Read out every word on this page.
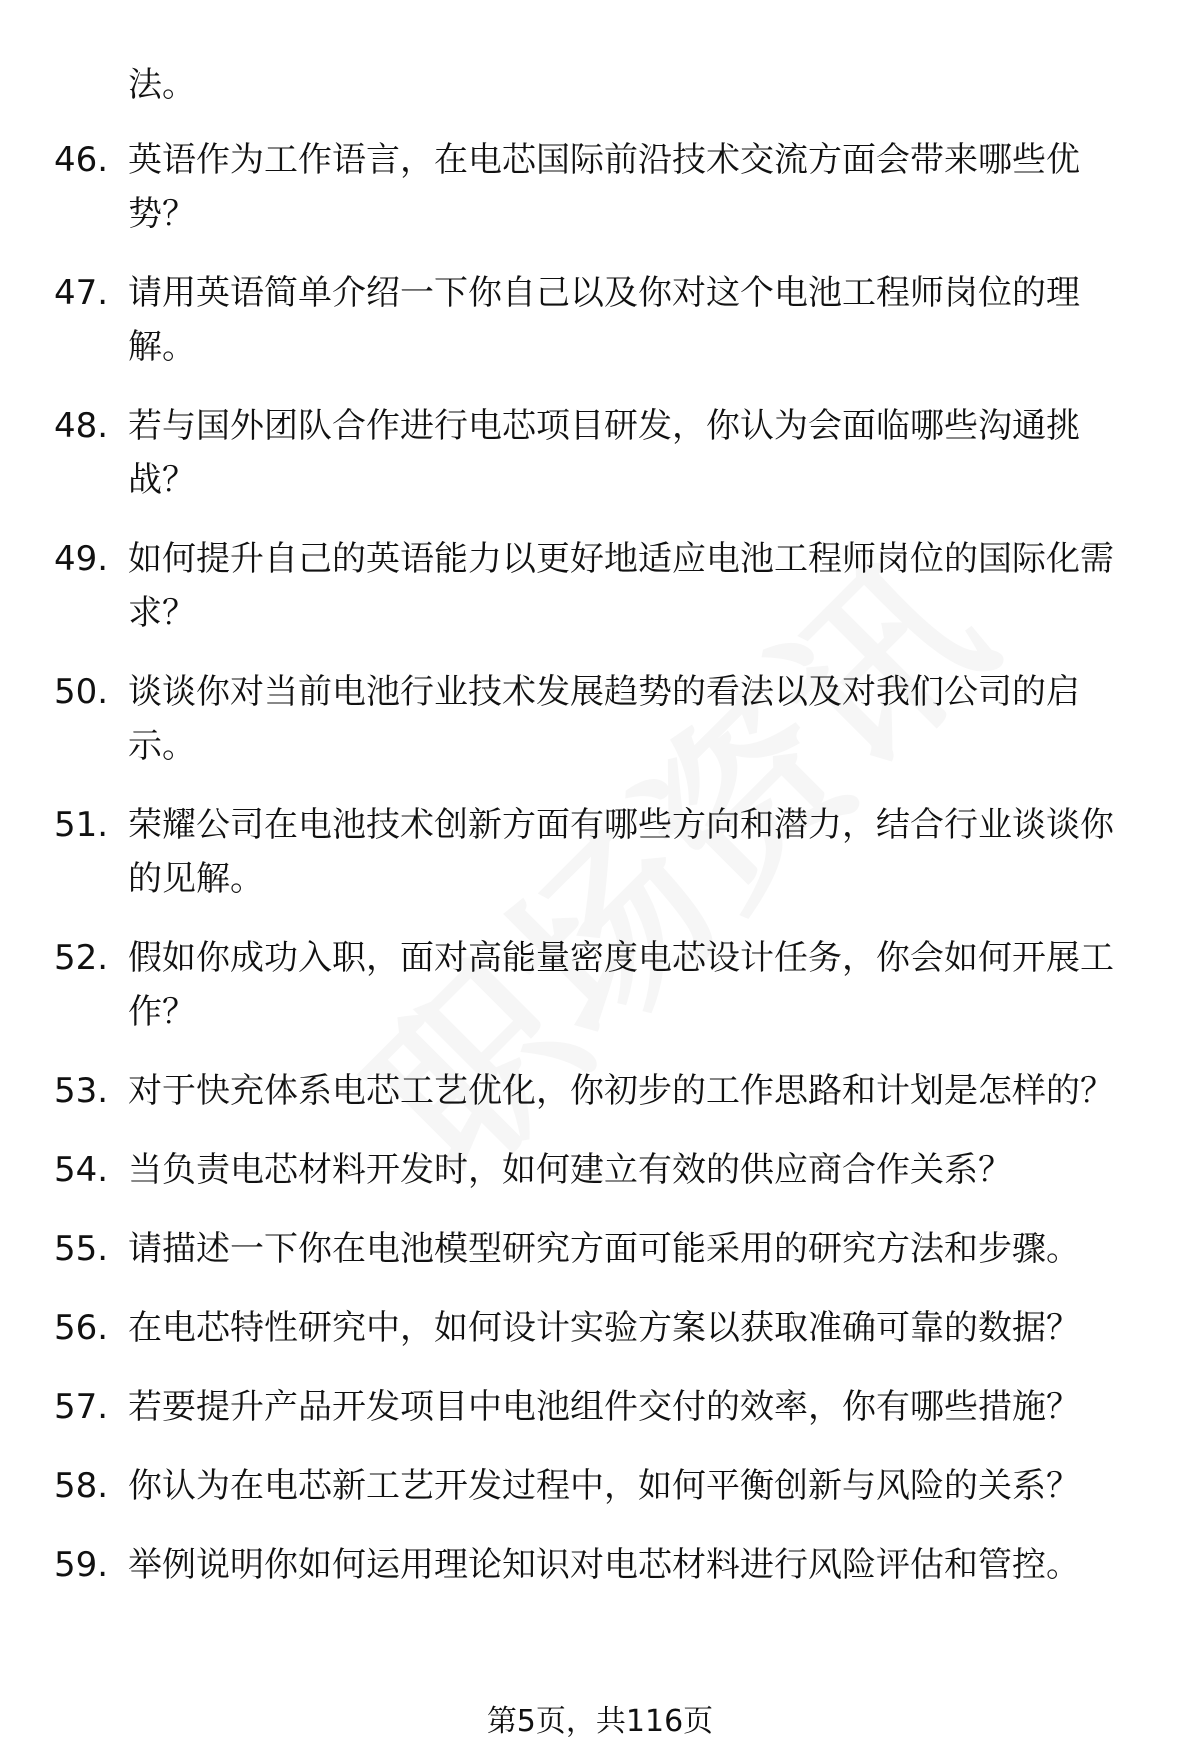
法。
46. 英语作为工作语言，在电芯国际前沿技术交流方面会带来哪些优势？
47. 请用英语简单介绍一下你自己以及你对这个电池工程师岗位的理解。
48. 若与国外团队合作进行电芯项目研发，你认为会面临哪些沟通挑战？
49. 如何提升自己的英语能力以更好地适应电池工程师岗位的国际化需求？
50. 谈谈你对当前电池行业技术发展趋势的看法以及对我们公司的启示。
51. 荣耀公司在电池技术创新方面有哪些方向和潜力，结合行业谈谈你的见解。
52. 假如你成功入职，面对高能量密度电芯设计任务，你会如何开展工作？
53. 对于快充体系电芯工艺优化，你初步的工作思路和计划是怎样的？
54. 当负责电芯材料开发时，如何建立有效的供应商合作关系？
55. 请描述一下你在电池模型研究方面可能采用的研究方法和步骤。
56. 在电芯特性研究中，如何设计实验方案以获取准确可靠的数据？
57. 若要提升产品开发项目中电池组件交付的效率，你有哪些措施？
58. 你认为在电芯新工艺开发过程中，如何平衡创新与风险的关系？
59. 举例说明你如何运用理论知识对电芯材料进行风险评估和管控。
第5页，共116页
